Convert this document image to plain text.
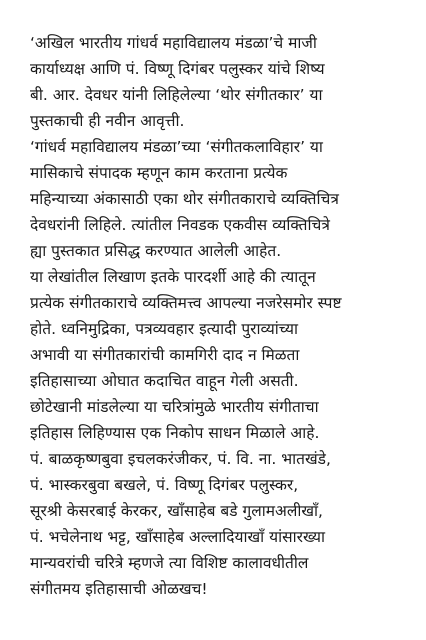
‘अखिल भारतीय गांधर्व महाविद्यालय मंडळा’चे माजी
कार्याध्यक्ष आणि पं. विष्णू दिगंबर पलुस्कर यांचे शिष्य
बी. आर. देवधर यांनी लिहिलेल्या ‘थोर संगीतकार’ या
पुस्तकाची ही नवीन आवृत्ती.
‘गांधर्व महाविद्यालय मंडळा’च्या ‘संगीतकलाविहार’ या
मासिकाचे संपादक म्हणून काम करताना प्रत्येक
महिन्याच्या अंकासाठी एका थोर संगीतकाराचे व्यक्तिचित्र
देवधरांनी लिहिले. त्यांतील निवडक एकवीस व्यक्तिचित्रे
ह्या पुस्तकात प्रसिद्ध करण्यात आलेली आहेत.
या लेखांतील लिखाण इतके पारदर्शी आहे की त्यातून
प्रत्येक संगीतकाराचे व्यक्तिमत्त्व आपल्या नजरेसमोर स्पष्ट
होते. ध्वनिमुद्रिका, पत्रव्यवहार इत्यादी पुराव्यांच्या
अभावी या संगीतकारांची कामगिरी दाद न मिळता
इतिहासाच्या ओघात कदाचित वाहून गेली असती.
छोटेखानी मांडलेल्या या चरित्रांमुळे भारतीय संगीताचा
इतिहास लिहिण्यास एक निकोप साधन मिळाले आहे.
पं. बाळकृष्णबुवा इचलकरंजीकर, पं. वि. ना. भातखंडे,
पं. भास्करबुवा बखले, पं. विष्णू दिगंबर पलुस्कर,
सूरश्री केसरबाई केरकर, खाँसाहेब बडे गुलामअलीखाँ,
पं. भचेलेनाथ भट्ट, खाँसाहेब अल्लादियाखाँ यांसारख्या
मान्यवरांची चरित्रे म्हणजे त्या विशिष्ट कालावधीतील
संगीतमय इतिहासाची ओळखच!
